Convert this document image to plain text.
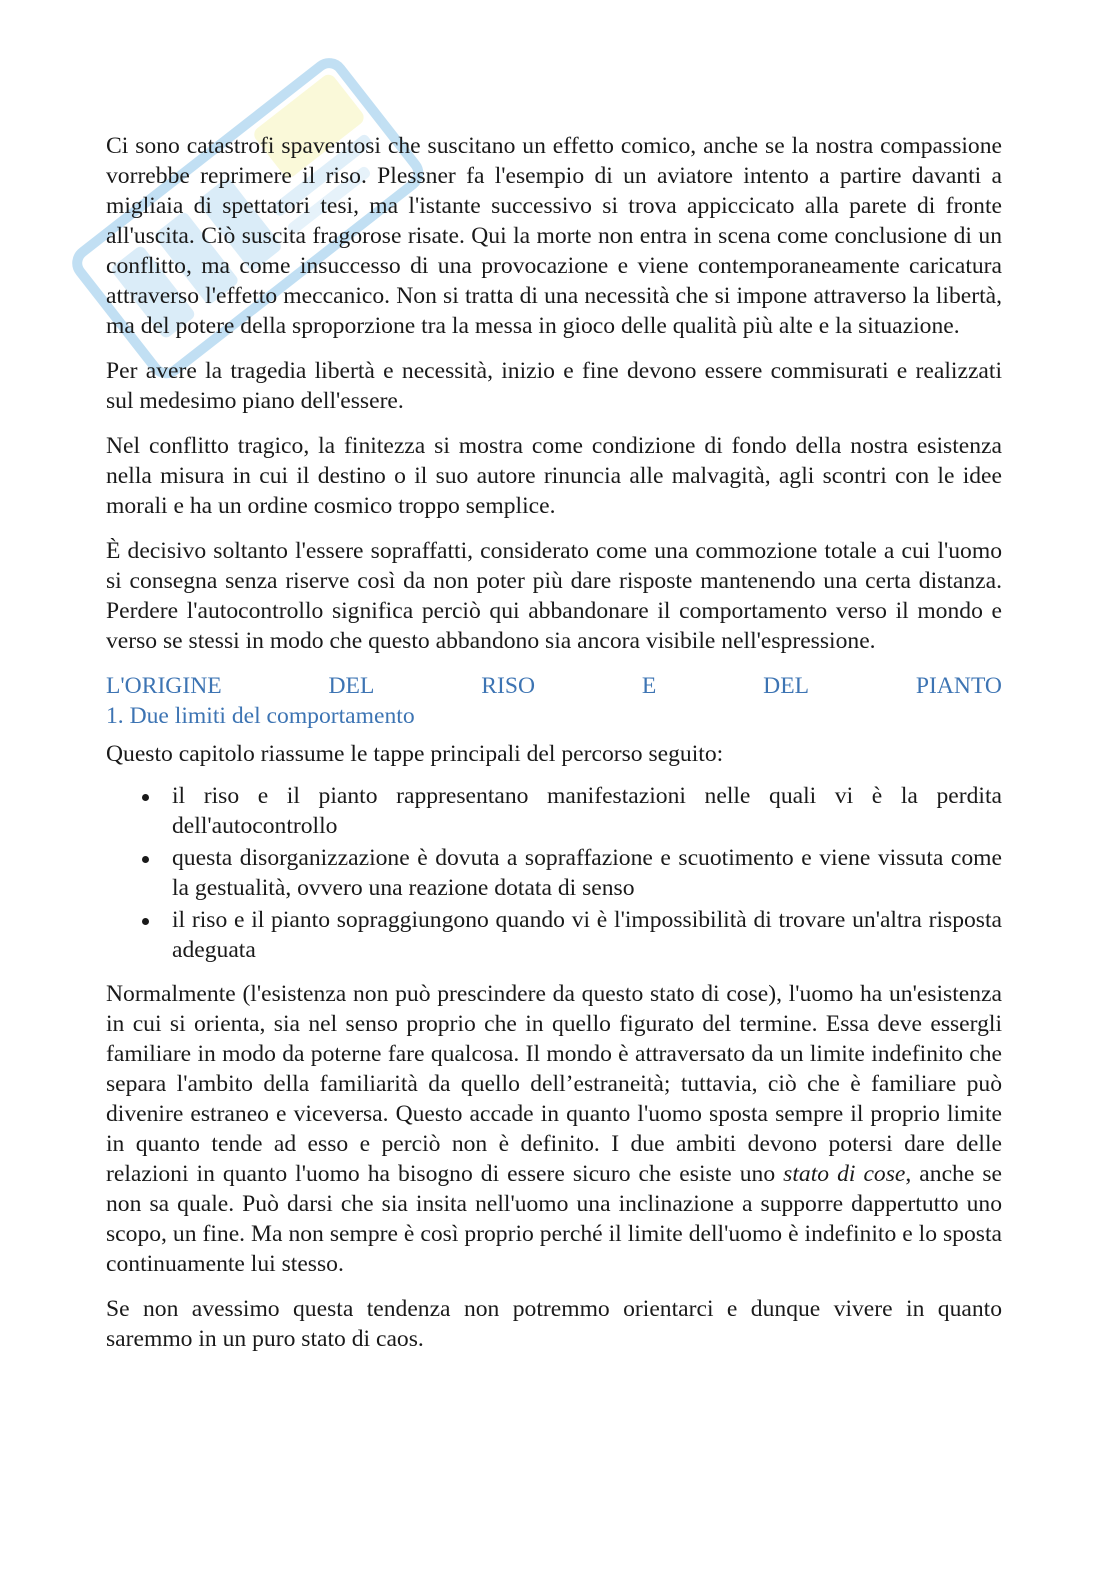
Ci sono catastrofi spaventosi che suscitano un effetto comico, anche se la nostra compassione vorrebbe reprimere il riso. Plessner fa l'esempio di un aviatore intento a partire davanti a migliaia di spettatori tesi, ma l'istante successivo si trova appiccicato alla parete di fronte all'uscita. Ciò suscita fragorose risate. Qui la morte non entra in scena come conclusione di un conflitto, ma come insuccesso di una provocazione e viene contemporaneamente caricatura attraverso l'effetto meccanico. Non si tratta di una necessità che si impone attraverso la libertà, ma del potere della sproporzione tra la messa in gioco delle qualità più alte e la situazione.

Per avere la tragedia libertà e necessità, inizio e fine devono essere commisurati e realizzati sul medesimo piano dell'essere.

Nel conflitto tragico, la finitezza si mostra come condizione di fondo della nostra esistenza nella misura in cui il destino o il suo autore rinuncia alle malvagità, agli scontri con le idee morali e ha un ordine cosmico troppo semplice.

È decisivo soltanto l'essere sopraffatti, considerato come una commozione totale a cui l'uomo si consegna senza riserve così da non poter più dare risposte mantenendo una certa distanza. Perdere l'autocontrollo significa perciò qui abbandonare il comportamento verso il mondo e verso se stessi in modo che questo abbandono sia ancora visibile nell'espressione.

L'ORIGINE	DEL	RISO	E	DEL	PIANTO
1. Due limiti del comportamento

Questo capitolo riassume le tappe principali del percorso seguito:

il riso e il pianto rappresentano manifestazioni nelle quali vi è la perdita dell'autocontrollo
questa disorganizzazione è dovuta a sopraffazione e scuotimento e viene vissuta come la gestualità, ovvero una reazione dotata di senso
il riso e il pianto sopraggiungono quando vi è l'impossibilità di trovare un'altra risposta adeguata

Normalmente (l'esistenza non può prescindere da questo stato di cose), l'uomo ha un'esistenza in cui si orienta, sia nel senso proprio che in quello figurato del termine. Essa deve essergli familiare in modo da poterne fare qualcosa. Il mondo è attraversato da un limite indefinito che separa l'ambito della familiarità da quello dell’estraneità; tuttavia, ciò che è familiare può divenire estraneo e viceversa. Questo accade in quanto l'uomo sposta sempre il proprio limite in quanto tende ad esso e perciò non è definito. I due ambiti devono potersi dare delle relazioni in quanto l'uomo ha bisogno di essere sicuro che esiste uno stato di cose, anche se non sa quale. Può darsi che sia insita nell'uomo una inclinazione a supporre dappertutto uno scopo, un fine. Ma non sempre è così proprio perché il limite dell'uomo è indefinito e lo sposta continuamente lui stesso.

Se non avessimo questa tendenza non potremmo orientarci e dunque vivere in quanto saremmo in un puro stato di caos.
